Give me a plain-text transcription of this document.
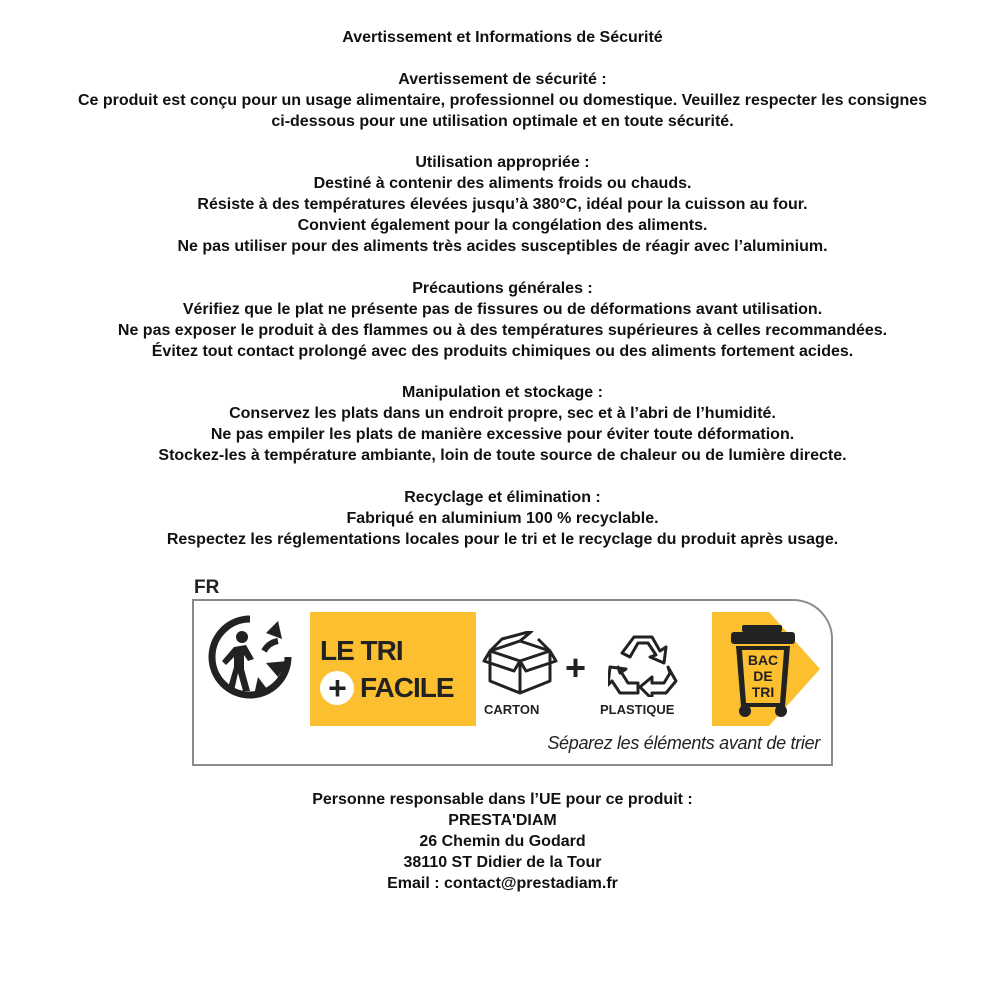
Avertissement et Informations de Sécurité

Avertissement de sécurité :

Ce produit est conçu pour un usage alimentaire, professionnel ou domestique. Veuillez respecter les consignes

ci-dessous pour une utilisation optimale et en toute sécurité.

Utilisation appropriée :

Destiné à contenir des aliments froids ou chauds.

Résiste à des températures élevées jusqu’à 380°C, idéal pour la cuisson au four.

Convient également pour la congélation des aliments.

Ne pas utiliser pour des aliments très acides susceptibles de réagir avec l’aluminium.

Précautions générales :

Vérifiez que le plat ne présente pas de fissures ou de déformations avant utilisation.

Ne pas exposer le produit à des flammes ou à des températures supérieures à celles recommandées.

Évitez tout contact prolongé avec des produits chimiques ou des aliments fortement acides.

Manipulation et stockage :

Conservez les plats dans un endroit propre, sec et à l’abri de l’humidité.

Ne pas empiler les plats de manière excessive pour éviter toute déformation.

Stockez-les à température ambiante, loin de toute source de chaleur ou de lumière directe.

Recyclage et élimination :

Fabriqué en aluminium 100 % recyclable.

Respectez les réglementations locales pour le tri et le recyclage du produit après usage.

FR
LE TRI
+ FACILE	+
CARTON	PLASTIQUE
BAC
DE
TRI
Séparez les éléments avant de trier

Personne responsable dans l’UE pour ce produit :

PRESTA'DIAM

26 Chemin du Godard

38110 ST Didier de la Tour

Email : contact@prestadiam.fr
